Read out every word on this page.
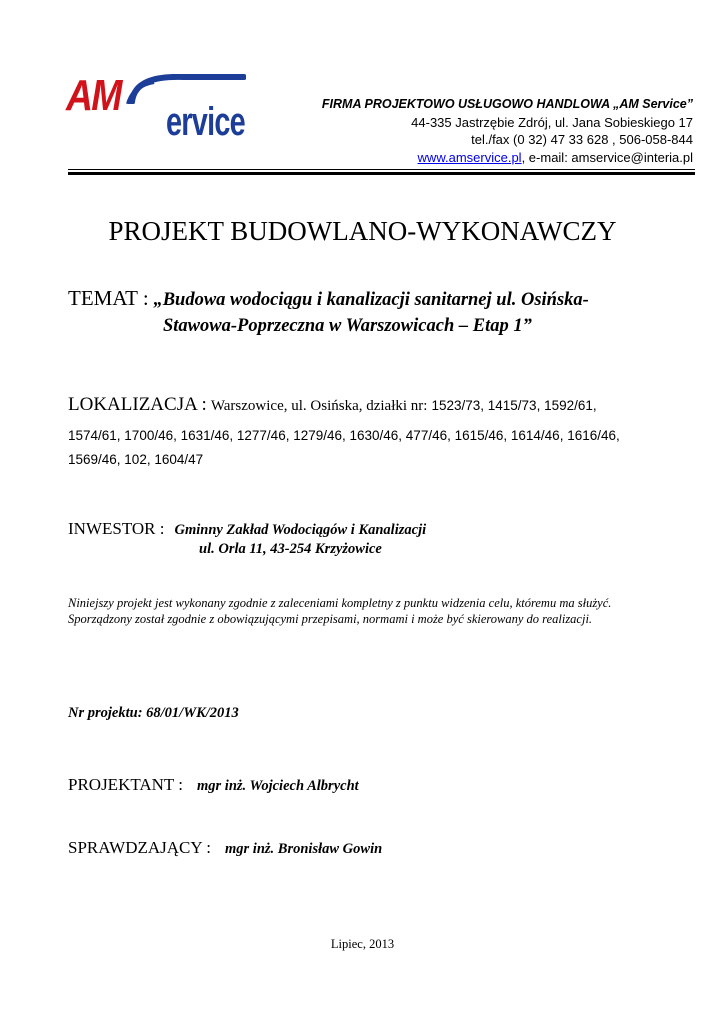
AM
ervice	FIRMA PROJEKTOWO USŁUGOWO HANDLOWA „AM Service”
44-335 Jastrzębie Zdrój, ul. Jana Sobieskiego 17
tel./fax (0 32) 47 33 628 , 506-058-844
www.amservice.pl, e-mail: amservice@interia.pl
PROJEKT BUDOWLANO-WYKONAWCZY
TEMAT : „Budowa wodociągu i kanalizacji sanitarnej ul. Osińska-
Stawowa-Poprzeczna w Warszowicach – Etap 1”
LOKALIZACJA : Warszowice, ul. Osińska, działki nr: 1523/73, 1415/73, 1592/61,
1574/61, 1700/46, 1631/46, 1277/46, 1279/46, 1630/46, 477/46, 1615/46, 1614/46, 1616/46,
1569/46, 102, 1604/47
INWESTOR : Gminny Zakład Wodociągów i Kanalizacji
ul. Orla 11, 43-254 Krzyżowice
Niniejszy projekt jest wykonany zgodnie z zaleceniami kompletny z punktu widzenia celu, któremu ma służyć.
Sporządzony został zgodnie z obowiązującymi przepisami, normami i może być skierowany do realizacji.
Nr projektu: 68/01/WK/2013
PROJEKTANT : mgr inż. Wojciech Albrycht
SPRAWDZAJĄCY : mgr inż. Bronisław Gowin
Lipiec, 2013
